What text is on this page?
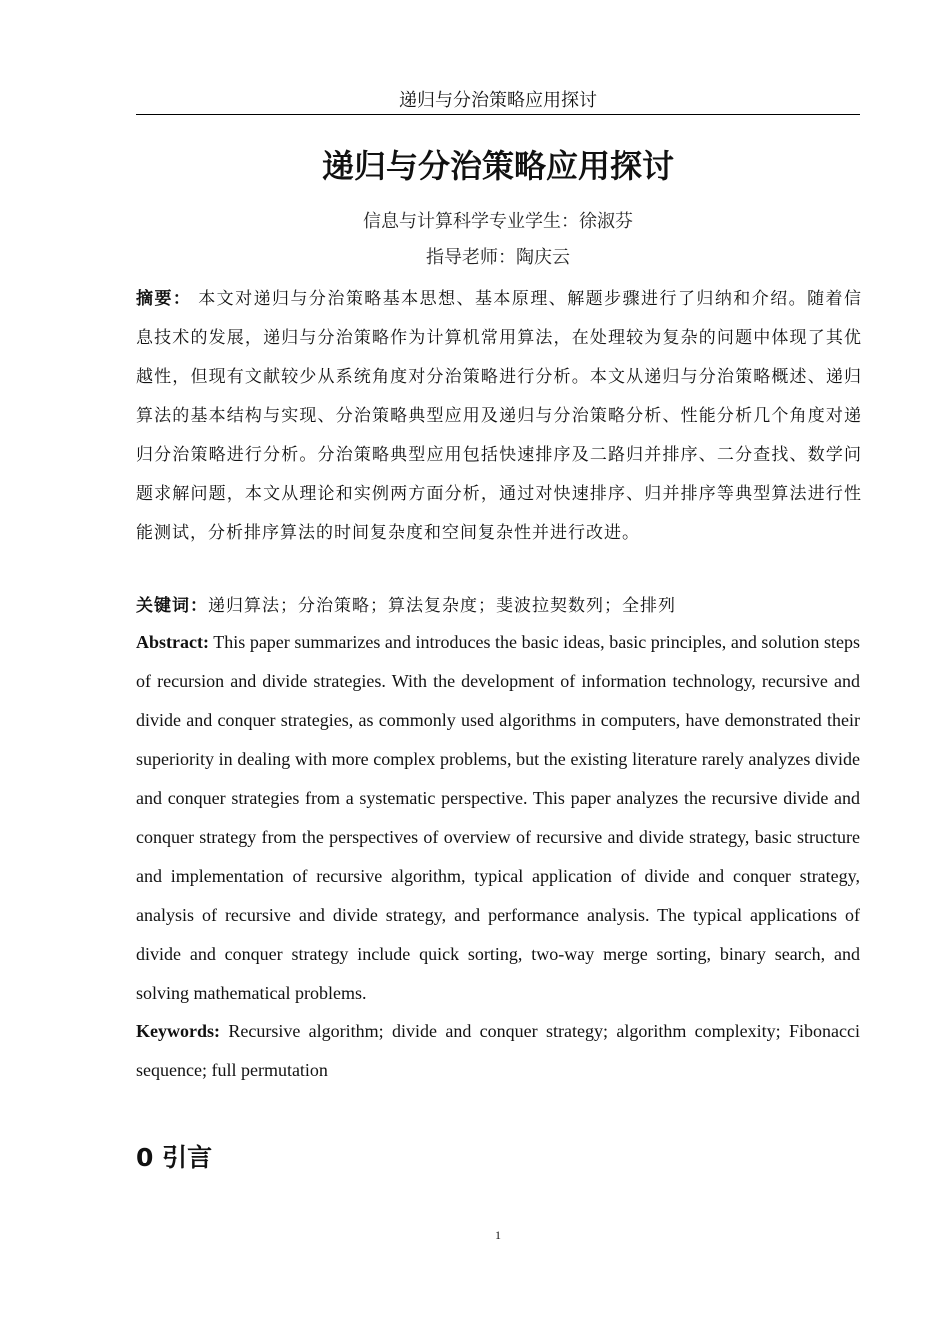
递归与分治策略应用探讨
递归与分治策略应用探讨
信息与计算科学专业学生：徐淑芬
指导老师：陶庆云
摘要： 本文对递归与分治策略基本思想、基本原理、解题步骤进行了归纳和介绍。随着信息技术的发展，递归与分治策略作为计算机常用算法，在处理较为复杂的问题中体现了其优越性，但现有文献较少从系统角度对分治策略进行分析。本文从递归与分治策略概述、递归算法的基本结构与实现、分治策略典型应用及递归与分治策略分析、性能分析几个角度对递归分治策略进行分析。分治策略典型应用包括快速排序及二路归并排序、二分查找、数学问题求解问题，本文从理论和实例两方面分析，通过对快速排序、归并排序等典型算法进行性能测试，分析排序算法的时间复杂度和空间复杂性并进行改进。
关键词：递归算法；分治策略；算法复杂度；斐波拉契数列；全排列
Abstract: This paper summarizes and introduces the basic ideas, basic principles, and solution steps of recursion and divide strategies. With the development of information technology, recursive and divide and conquer strategies, as commonly used algorithms in computers, have demonstrated their superiority in dealing with more complex problems, but the existing literature rarely analyzes divide and conquer strategies from a systematic perspective. This paper analyzes the recursive divide and conquer strategy from the perspectives of overview of recursive and divide strategy, basic structure and implementation of recursive algorithm, typical application of divide and conquer strategy, analysis of recursive and divide strategy, and performance analysis. The typical applications of divide and conquer strategy include quick sorting, two-way merge sorting, binary search, and solving mathematical problems.
Keywords: Recursive algorithm; divide and conquer strategy; algorithm complexity; Fibonacci sequence; full permutation
0 引言
1
